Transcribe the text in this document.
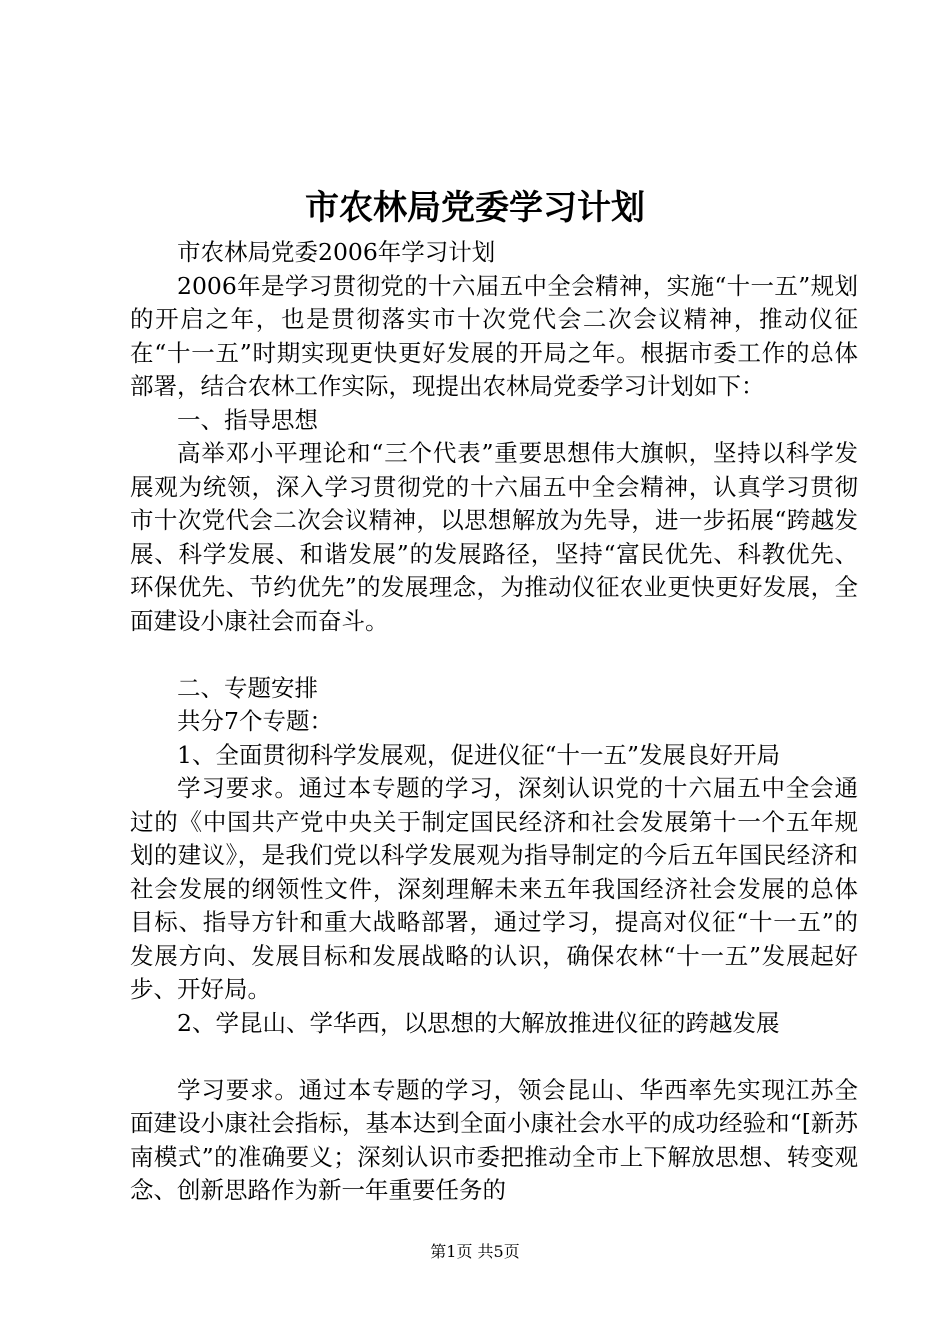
市农林局党委学习计划

市农林局党委2006年学习计划

2006年是学习贯彻党的十六届五中全会精神，实施“十一五”规划的开启之年，也是贯彻落实市十次党代会二次会议精神，推动仪征在“十一五”时期实现更快更好发展的开局之年。根据市委工作的总体部署，结合农林工作实际，现提出农林局党委学习计划如下：

一、指导思想

高举邓小平理论和“三个代表”重要思想伟大旗帜，坚持以科学发展观为统领，深入学习贯彻党的十六届五中全会精神，认真学习贯彻市十次党代会二次会议精神，以思想解放为先导，进一步拓展“跨越发展、科学发展、和谐发展”的发展路径，坚持“富民优先、科教优先、环保优先、节约优先”的发展理念，为推动仪征农业更快更好发展，全面建设小康社会而奋斗。

二、专题安排

共分7个专题：

1、全面贯彻科学发展观，促进仪征“十一五”发展良好开局

学习要求。通过本专题的学习，深刻认识党的十六届五中全会通过的《中国共产党中央关于制定国民经济和社会发展第十一个五年规划的建议》，是我们党以科学发展观为指导制定的今后五年国民经济和社会发展的纲领性文件，深刻理解未来五年我国经济社会发展的总体目标、指导方针和重大战略部署，通过学习，提高对仪征“十一五”的发展方向、发展目标和发展战略的认识，确保农林“十一五”发展起好步、开好局。

2、学昆山、学华西，以思想的大解放推进仪征的跨越发展

学习要求。通过本专题的学习，领会昆山、华西率先实现江苏全面建设小康社会指标，基本达到全面小康社会水平的成功经验和“[新苏南模式”的准确要义；深刻认识市委把推动全市上下解放思想、转变观念、创新思路作为新一年重要任务的

第1页 共5页
